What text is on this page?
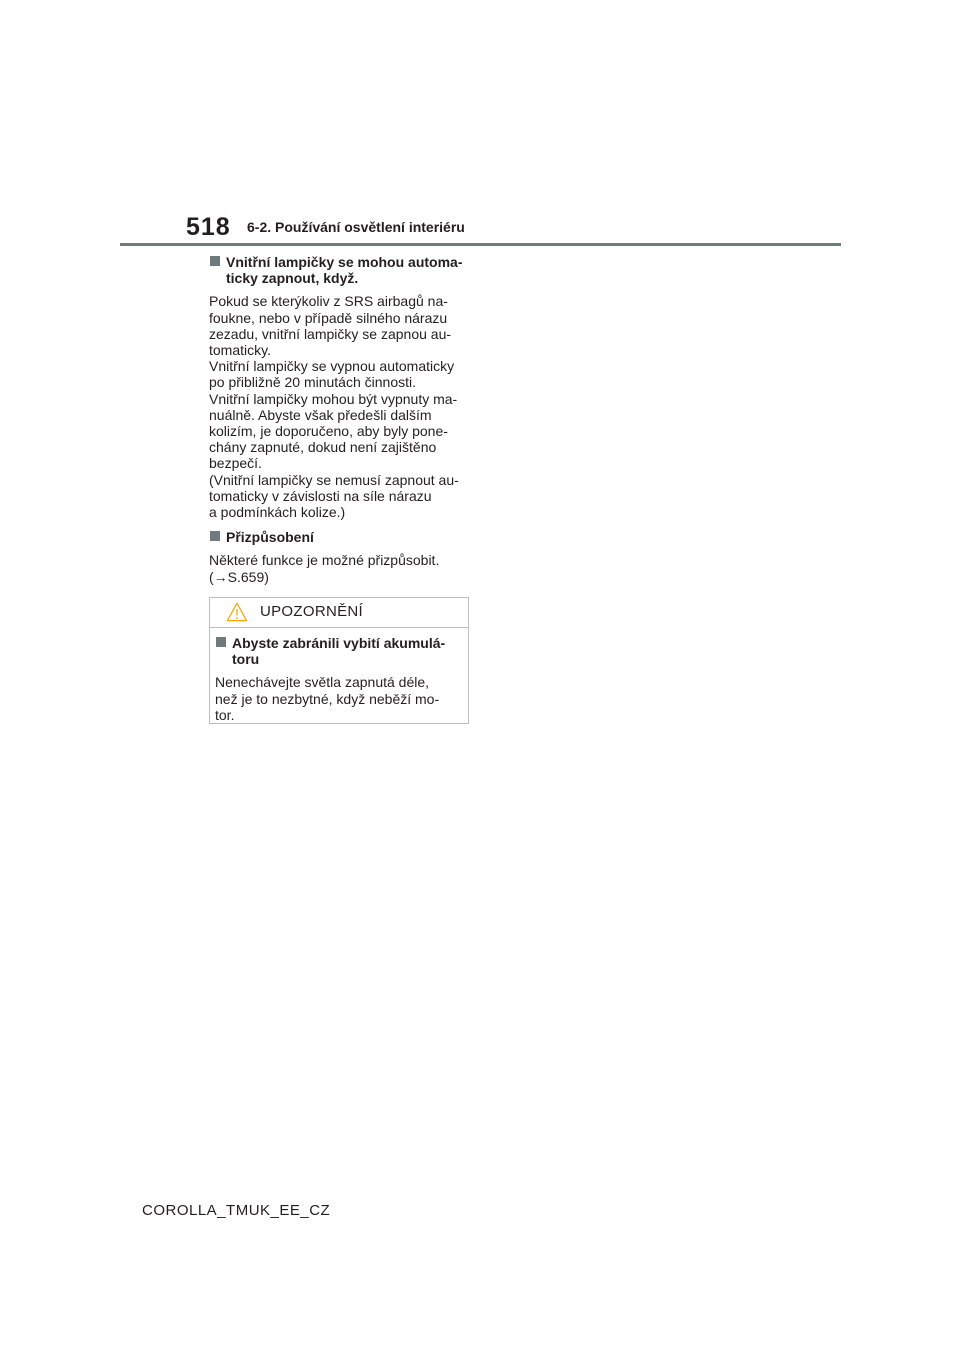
518 6-2. Používání osvětlení interiéru
Vnitřní lampičky se mohou automa-
ticky zapnout, když.
Pokud se kterýkoliv z SRS airbagů na-
foukne, nebo v případě silného nárazu
zezadu, vnitřní lampičky se zapnou au-
tomaticky.
Vnitřní lampičky se vypnou automaticky
po přibližně 20 minutách činnosti.
Vnitřní lampičky mohou být vypnuty ma-
nuálně. Abyste však předešli dalším
kolizím, je doporučeno, aby byly pone-
chány zapnuté, dokud není zajištěno
bezpečí.
(Vnitřní lampičky se nemusí zapnout au-
tomaticky v závislosti na síle nárazu
a podmínkách kolize.)
Přizpůsobení
Některé funkce je možné přizpůsobit.
(→S.659)
UPOZORNĚNÍ
Abyste zabránili vybití akumulá-
toru
Nenechávejte světla zapnutá déle,
než je to nezbytné, když neběží mo-
tor.
COROLLA_TMUK_EE_CZ
